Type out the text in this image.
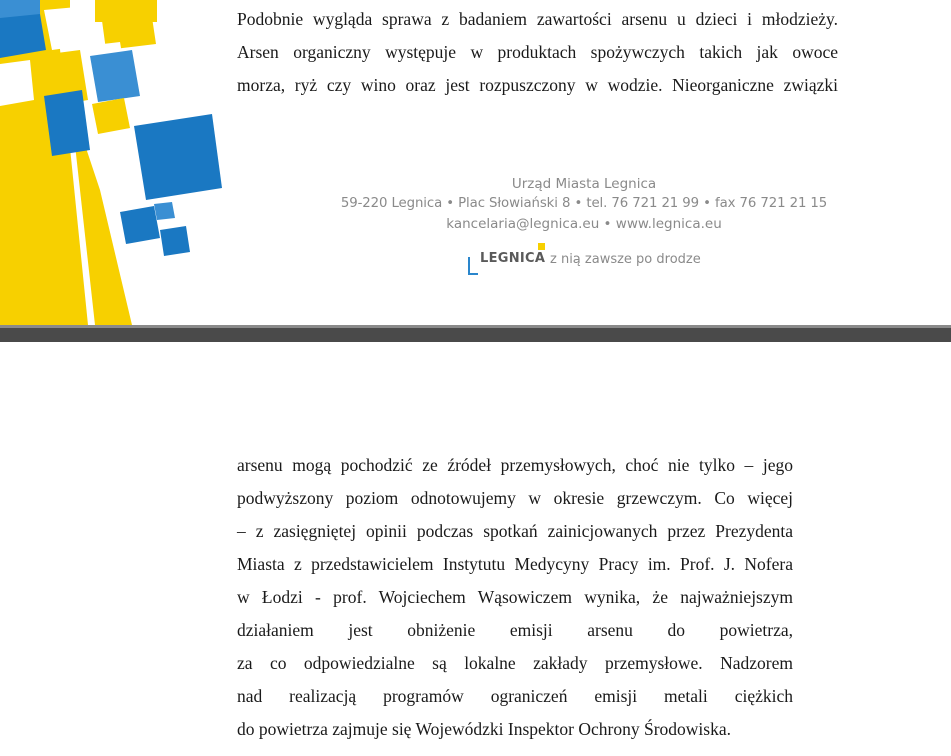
Podobnie wygląda sprawa z badaniem zawartości arsenu u dzieci i młodzieży.
Arsen organiczny występuje w produktach spożywczych takich jak owoce
morza, ryż czy wino oraz jest rozpuszczony w wodzie. Nieorganiczne związki

Urząd Miasta Legnica
59-220 Legnica • Plac Słowiański 8 • tel. 76 721 21 99 • fax 76 721 21 15
kancelaria@legnica.eu • www.legnica.eu
LEGNICA z nią zawsze po drodze

arsenu mogą pochodzić ze źródeł przemysłowych, choć nie tylko – jego
podwyższony poziom odnotowujemy w okresie grzewczym. Co więcej
– z zasięgniętej opinii podczas spotkań zainicjowanych przez Prezydenta
Miasta z przedstawicielem Instytutu Medycyny Pracy im. Prof. J. Nofera
w Łodzi - prof. Wojciechem Wąsowiczem wynika, że najważniejszym
działaniem jest obniżenie emisji arsenu do powietrza,
za co odpowiedzialne są lokalne zakłady przemysłowe. Nadzorem
nad realizacją programów ograniczeń emisji metali ciężkich
do powietrza zajmuje się Wojewódzki Inspektor Ochrony Środowiska.
